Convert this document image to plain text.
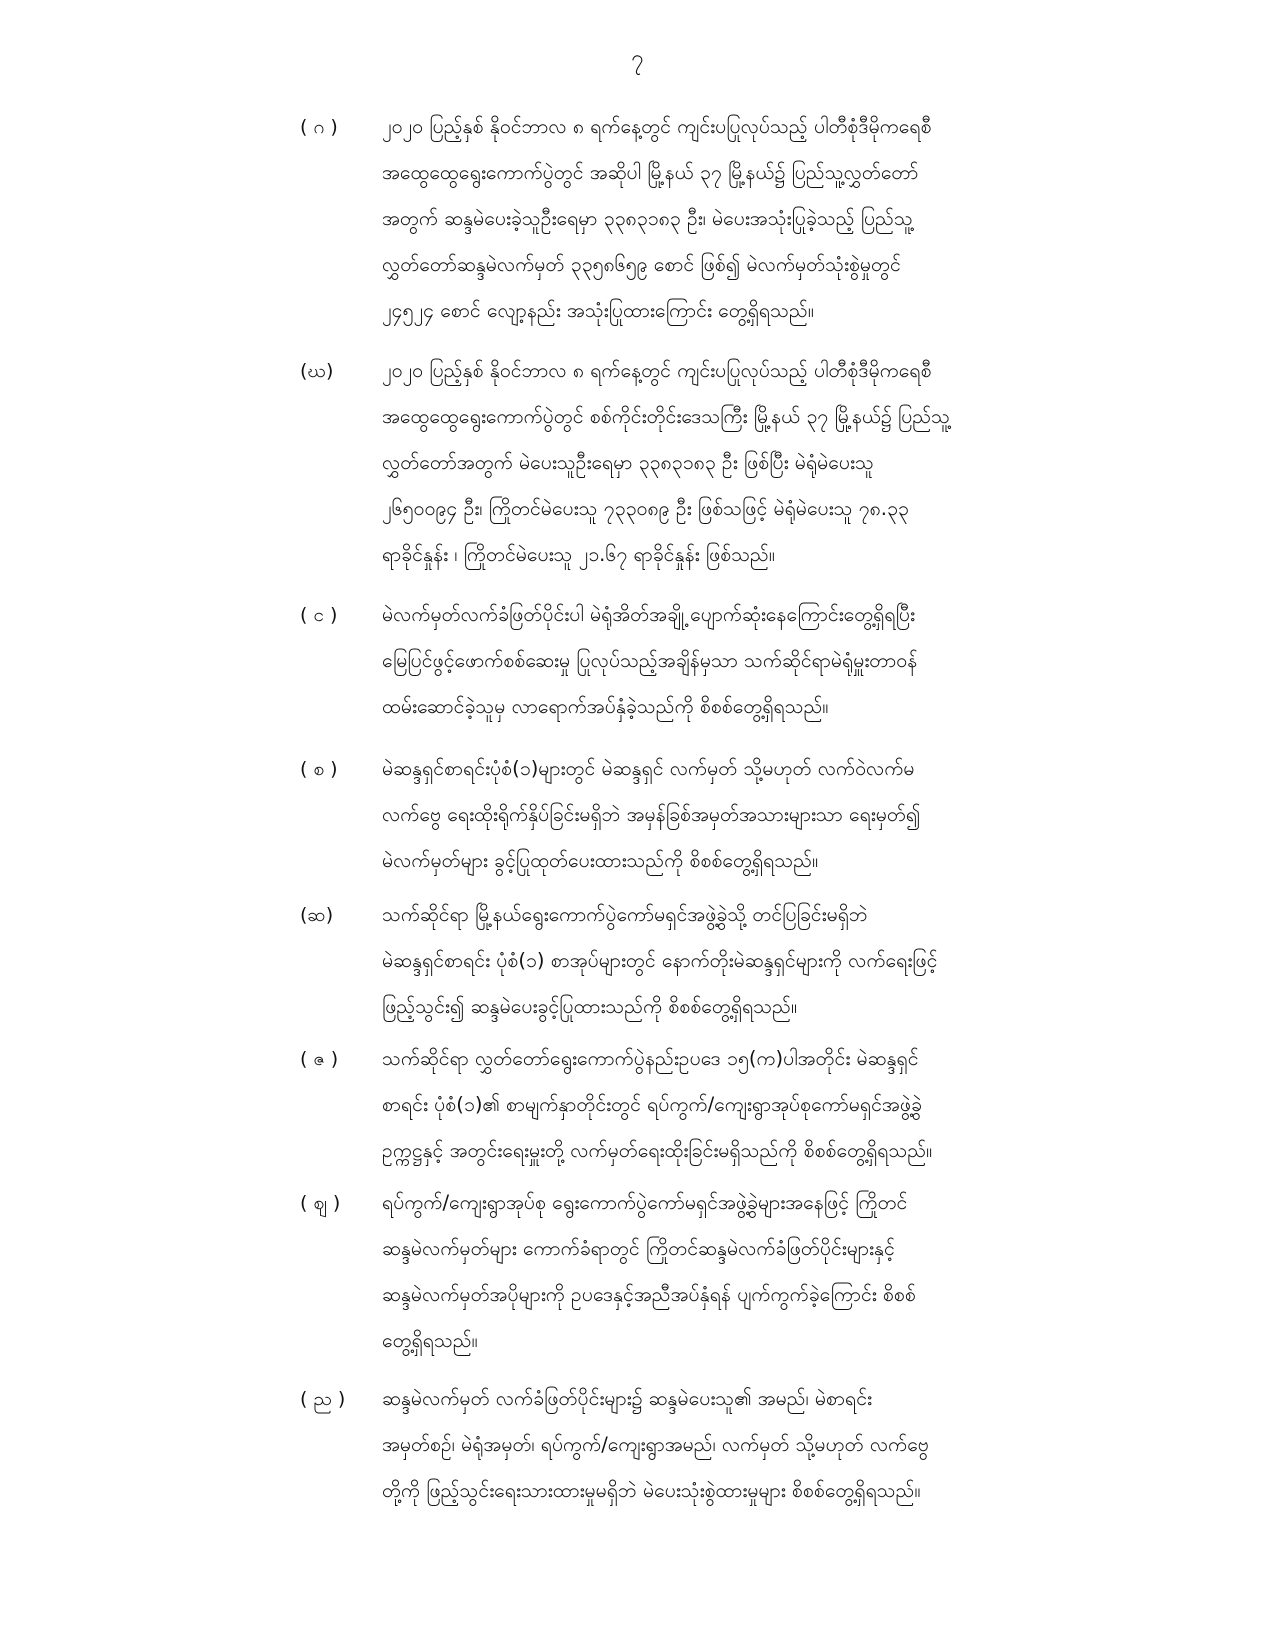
၇
( ဂ )	၂၀၂၀ ပြည့်နှစ် နိုဝင်ဘာလ ၈ ရက်နေ့တွင် ကျင်းပပြုလုပ်သည့် ပါတီစုံဒီမိုကရေစီ
အထွေထွေရွေးကောက်ပွဲတွင် အဆိုပါ မြို့နယ် ၃၇ မြို့နယ်၌ ပြည်သူ့လွှတ်တော်
အတွက် ဆန္ဒမဲပေးခဲ့သူဦးရေမှာ ၃၃၈၃၁၈၃ ဦး၊ မဲပေးအသုံးပြုခဲ့သည့် ပြည်သူ့
လွှတ်တော်ဆန္ဒမဲလက်မှတ် ၃၃၅၈၆၅၉ စောင် ဖြစ်၍ မဲလက်မှတ်သုံးစွဲမှုတွင်
၂၄၅၂၄ စောင် လျော့နည်း အသုံးပြုထားကြောင်း တွေ့ရှိရသည်။
(ဃ)	၂၀၂၀ ပြည့်နှစ် နိုဝင်ဘာလ ၈ ရက်နေ့တွင် ကျင်းပပြုလုပ်သည့် ပါတီစုံဒီမိုကရေစီ
အထွေထွေရွေးကောက်ပွဲတွင် စစ်ကိုင်းတိုင်းဒေသကြီး မြို့နယ် ၃၇ မြို့နယ်၌ ပြည်သူ့
လွှတ်တော်အတွက် မဲပေးသူဦးရေမှာ ၃၃၈၃၁၈၃ ဦး ဖြစ်ပြီး မဲရုံမဲပေးသူ
၂၆၅၀၀၉၄ ဦး၊ ကြိုတင်မဲပေးသူ ၇၃၃၀၈၉ ဦး ဖြစ်သဖြင့် မဲရုံမဲပေးသူ ၇၈.၃၃
ရာခိုင်နှုန်း ၊ ကြိုတင်မဲပေးသူ ၂၁.၆၇ ရာခိုင်နှုန်း ဖြစ်သည်။
( င )	မဲလက်မှတ်လက်ခံဖြတ်ပိုင်းပါ မဲရုံအိတ်အချို့ ပျောက်ဆုံးနေကြောင်းတွေ့ရှိရပြီး
မြေပြင်ဖွင့်ဖောက်စစ်ဆေးမှု ပြုလုပ်သည့်အချိန်မှသာ သက်ဆိုင်ရာမဲရုံမှူးတာဝန်
ထမ်းဆောင်ခဲ့သူမှ လာရောက်အပ်နှံခဲ့သည်ကို စိစစ်တွေ့ရှိရသည်။
( စ )	မဲဆန္ဒရှင်စာရင်းပုံစံ(၁)များတွင် မဲဆန္ဒရှင် လက်မှတ် သို့မဟုတ် လက်ဝဲလက်မ
လက်ဗွေ ရေးထိုးရိုက်နှိပ်ခြင်းမရှိဘဲ အမှန်ခြစ်အမှတ်အသားများသာ ရေးမှတ်၍
မဲလက်မှတ်များ ခွင့်ပြုထုတ်ပေးထားသည်ကို စိစစ်တွေ့ရှိရသည်။
(ဆ)	သက်ဆိုင်ရာ မြို့နယ်ရွေးကောက်ပွဲကော်မရှင်အဖွဲ့ခွဲသို့ တင်ပြခြင်းမရှိဘဲ
မဲဆန္ဒရှင်စာရင်း ပုံစံ(၁) စာအုပ်များတွင် နောက်တိုးမဲဆန္ဒရှင်များကို လက်ရေးဖြင့်
ဖြည့်သွင်း၍ ဆန္ဒမဲပေးခွင့်ပြုထားသည်ကို စိစစ်တွေ့ရှိရသည်။
( ဇ )	သက်ဆိုင်ရာ လွှတ်တော်ရွေးကောက်ပွဲနည်းဥပဒေ ၁၅(က)ပါအတိုင်း မဲဆန္ဒရှင်
စာရင်း ပုံစံ(၁)၏ စာမျက်နှာတိုင်းတွင် ရပ်ကွက်/ကျေးရွာအုပ်စုကော်မရှင်အဖွဲ့ခွဲ
ဥက္ကဋ္ဌနှင့် အတွင်းရေးမှူးတို့ လက်မှတ်ရေးထိုးခြင်းမရှိသည်ကို စိစစ်တွေ့ရှိရသည်။
( ဈ )	ရပ်ကွက်/ကျေးရွာအုပ်စု ရွေးကောက်ပွဲကော်မရှင်အဖွဲ့ခွဲများအနေဖြင့် ကြိုတင်
ဆန္ဒမဲလက်မှတ်များ ကောက်ခံရာတွင် ကြိုတင်ဆန္ဒမဲလက်ခံဖြတ်ပိုင်းများနှင့်
ဆန္ဒမဲလက်မှတ်အပိုများကို ဥပဒေနှင့်အညီအပ်နှံရန် ပျက်ကွက်ခဲ့ကြောင်း စိစစ်
တွေ့ရှိရသည်။
( ည )	ဆန္ဒမဲလက်မှတ် လက်ခံဖြတ်ပိုင်းများ၌ ဆန္ဒမဲပေးသူ၏ အမည်၊ မဲစာရင်း
အမှတ်စဉ်၊ မဲရုံအမှတ်၊ ရပ်ကွက်/ကျေးရွာအမည်၊ လက်မှတ် သို့မဟုတ် လက်ဗွေ
တို့ကို ဖြည့်သွင်းရေးသားထားမှုမရှိဘဲ မဲပေးသုံးစွဲထားမှုများ စိစစ်တွေ့ရှိရသည်။
